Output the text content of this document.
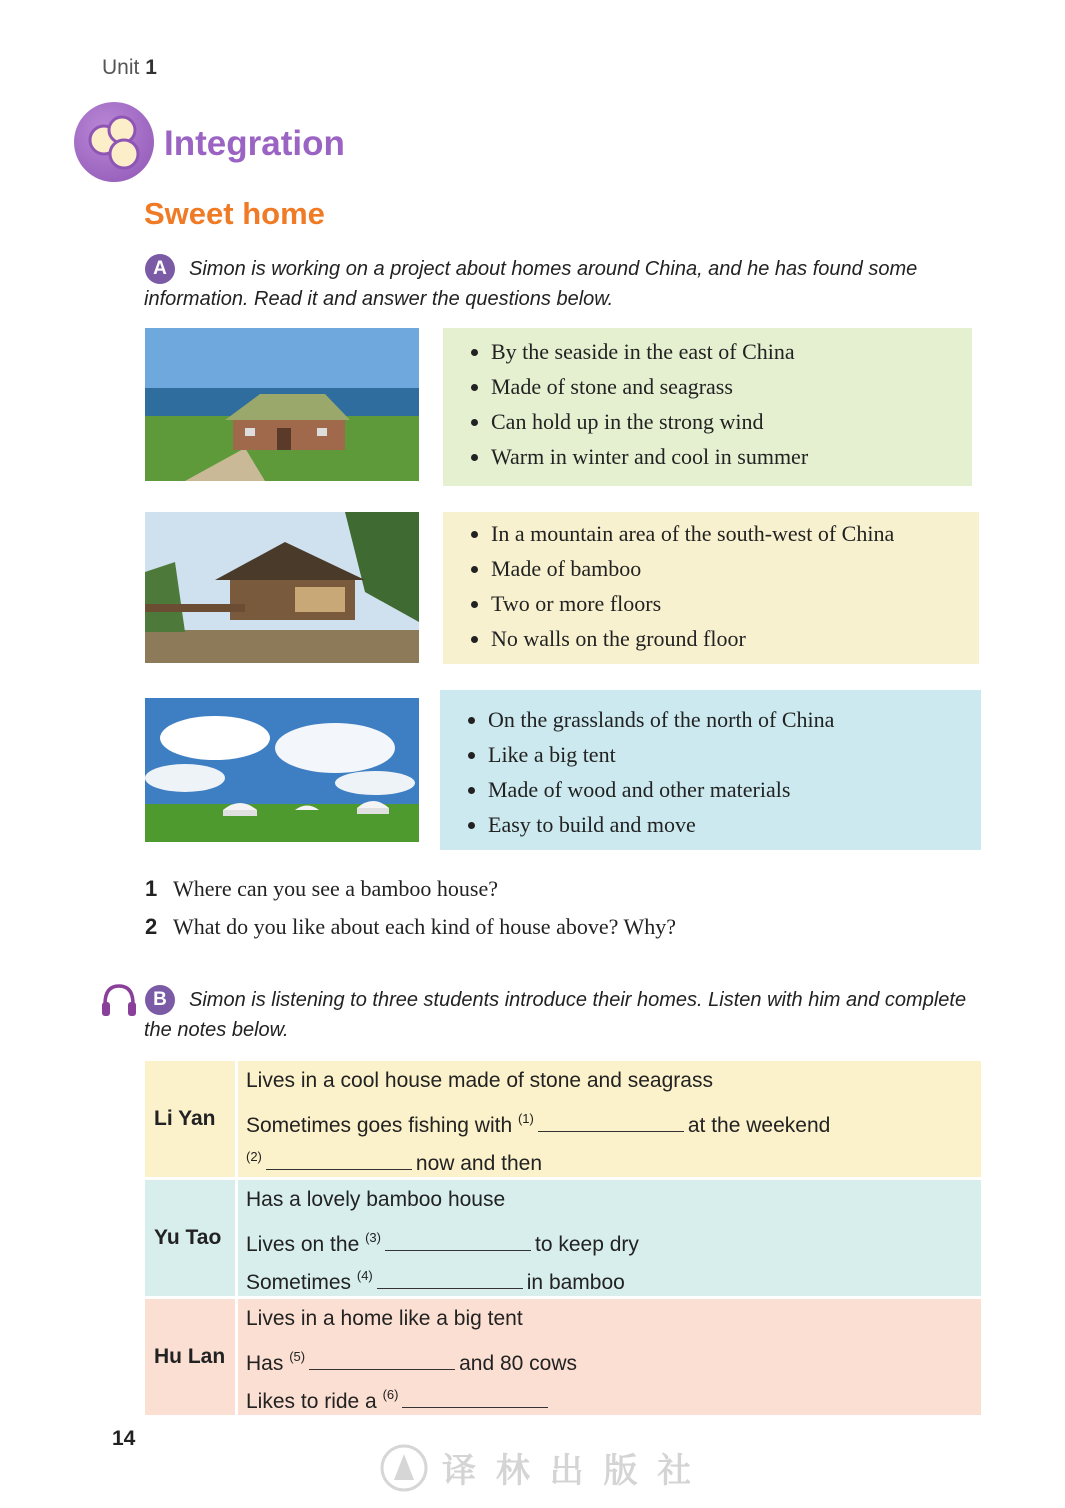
Unit 1
Integration
Sweet home
A	Simon is working on a project about homes around China, and he has found some information. Read it and answer the questions below.
• By the seaside in the east of China
• Made of stone and seagrass
• Can hold up in the strong wind
• Warm in winter and cool in summer
• In a mountain area of the south-west of China
• Made of bamboo
• Two or more floors
• No walls on the ground floor
• On the grasslands of the north of China
• Like a big tent
• Made of wood and other materials
• Easy to build and move
1 Where can you see a bamboo house?
2 What do you like about each kind of house above? Why?
B	Simon is listening to three students introduce their homes. Listen with him and complete the notes below.
Li Yan	Lives in a cool house made of stone and seagrass
Sometimes goes fishing with $^{(1)}$ at the weekend
$^{(2)}$ now and then

Yu Tao	Has a lovely bamboo house
Lives on the $^{(3)}$ to keep dry
Sometimes $^{(4)}$ in bamboo

Hu Lan	Lives in a home like a big tent
Has $^{(5)}$ and 80 cows
Likes to ride a $^{(6)}$
14
译 林 出 版 社
